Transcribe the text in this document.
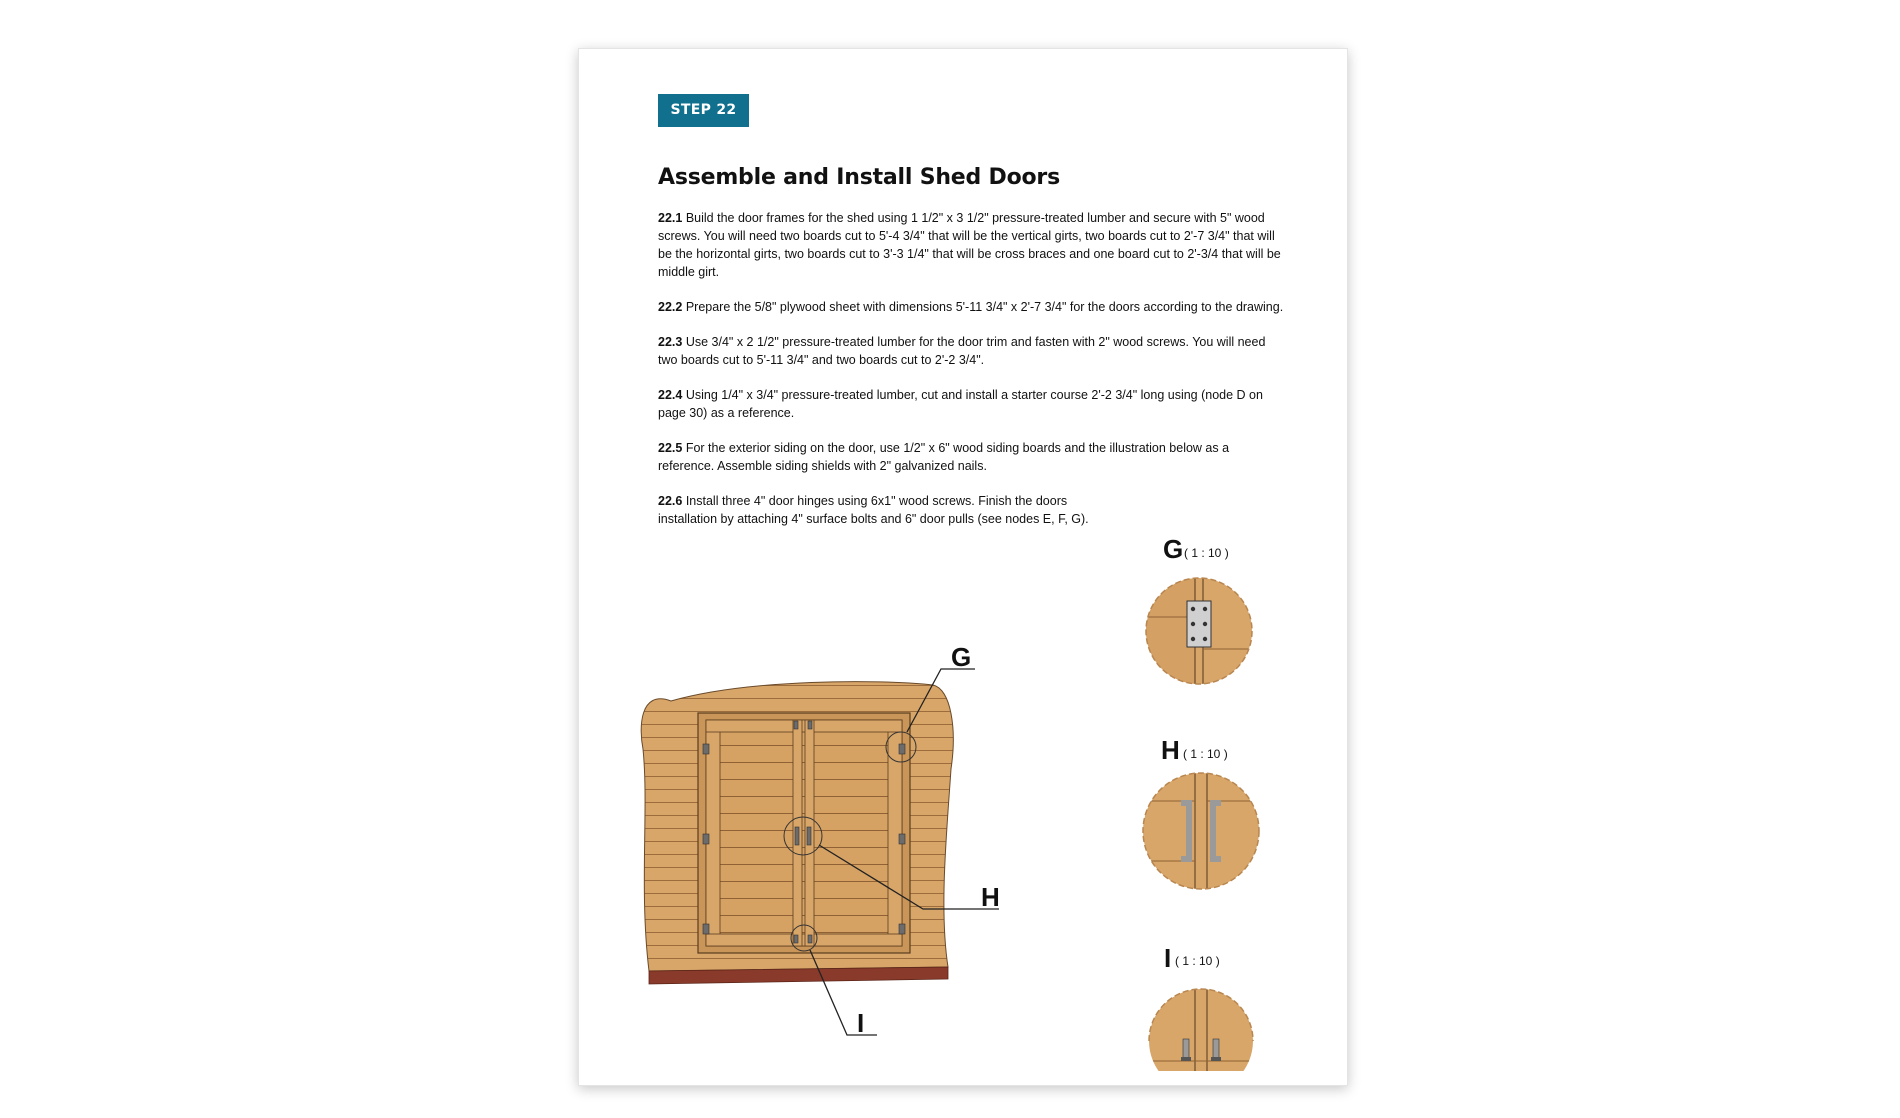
STEP 22
Assemble and Install Shed Doors

22.1 Build the door frames for the shed using 1 1/2" x 3 1/2" pressure-treated lumber and secure with 5" wood screws. You will need two boards cut to 5'-4 3/4" that will be the vertical girts, two boards cut to 2'-7 3/4" that will be the horizontal girts, two boards cut to 3'-3 1/4" that will be cross braces and one board cut to 2'-3/4 that will be middle girt.

22.2 Prepare the 5/8" plywood sheet with dimensions 5'-11 3/4" x 2'-7 3/4" for the doors according to the drawing.

22.3 Use 3/4" x 2 1/2" pressure-treated lumber for the door trim and fasten with 2" wood screws. You will need two boards cut to 5'-11 3/4" and two boards cut to 2'-2 3/4".

22.4 Using 1/4" x 3/4" pressure-treated lumber, cut and install a starter course 2'-2 3/4" long using (node D on page 30) as a reference.

22.5 For the exterior siding on the door, use 1/2" x 6" wood siding boards and the illustration below as a reference. Assemble siding shields with 2" galvanized nails.

22.6 Install three 4" door hinges using 6x1" wood screws. Finish the doors installation by attaching 4" surface bolts and 6" door pulls (see nodes E, F, G).

G
H
I
G ( 1 : 10 )
H ( 1 : 10 )
I ( 1 : 10 )
